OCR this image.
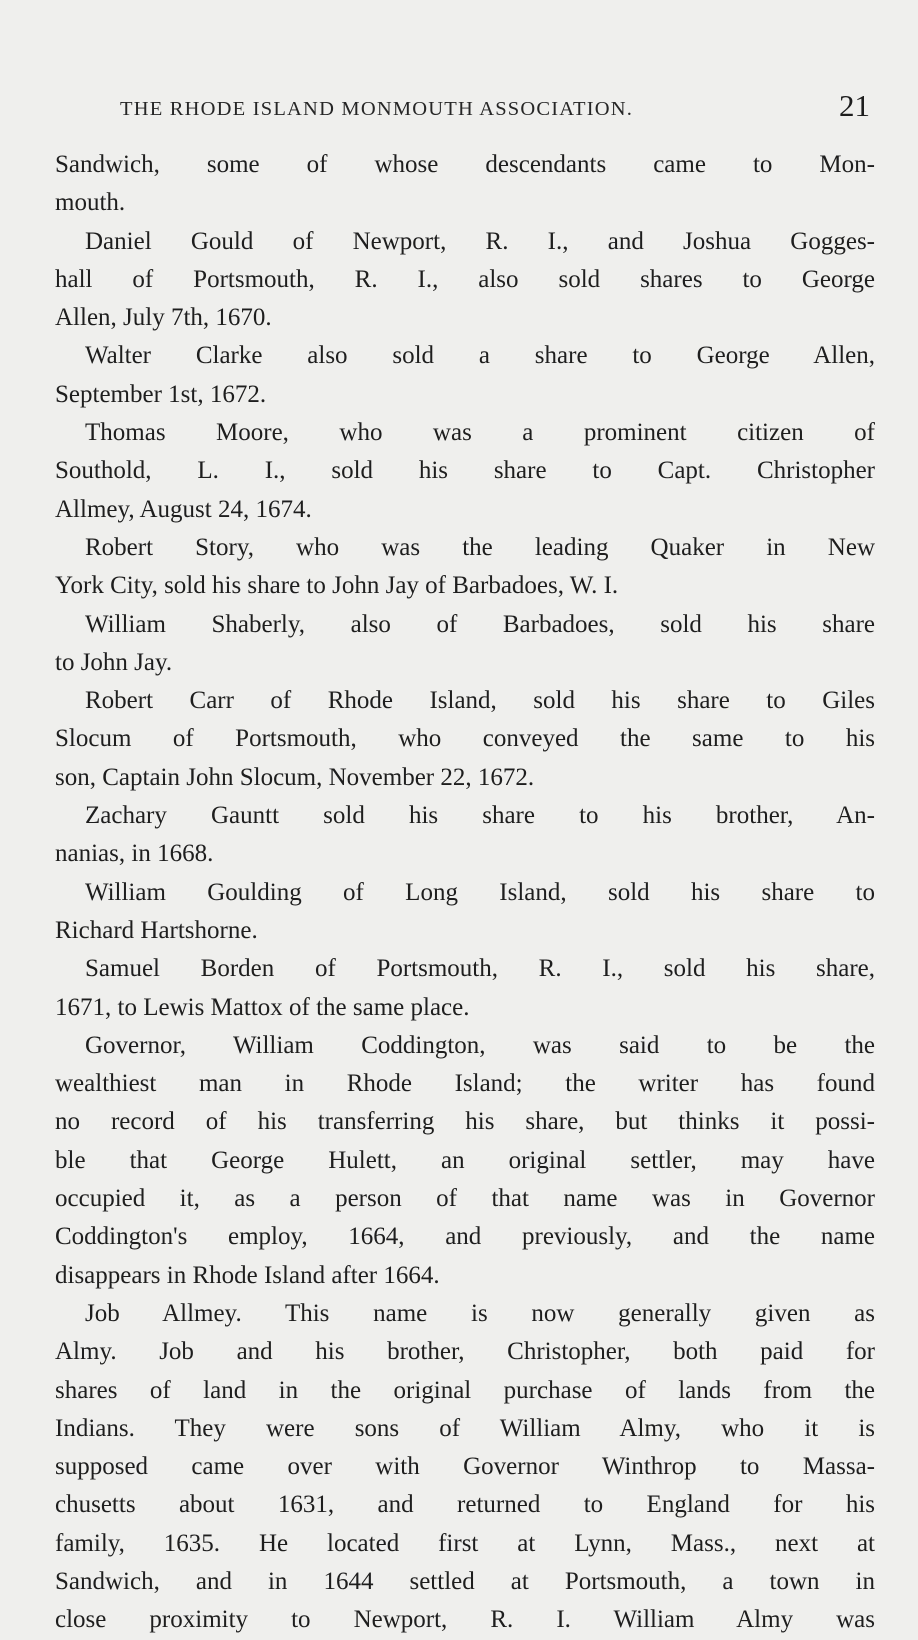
THE RHODE ISLAND MONMOUTH ASSOCIATION.	21
Sandwich, some of whose descendants came to Mon-
mouth.
Daniel Gould of Newport, R. I., and Joshua Gogges-
hall of Portsmouth, R. I., also sold shares to George
Allen, July 7th, 1670.
Walter Clarke also sold a share to George Allen,
September 1st, 1672.
Thomas Moore, who was a prominent citizen of
Southold, L. I., sold his share to Capt. Christopher
Allmey, August 24, 1674.
Robert Story, who was the leading Quaker in New
York City, sold his share to John Jay of Barbadoes, W. I.
William Shaberly, also of Barbadoes, sold his share
to John Jay.
Robert Carr of Rhode Island, sold his share to Giles
Slocum of Portsmouth, who conveyed the same to his
son, Captain John Slocum, November 22, 1672.
Zachary Gauntt sold his share to his brother, An-
nanias, in 1668.
William Goulding of Long Island, sold his share to
Richard Hartshorne.
Samuel Borden of Portsmouth, R. I., sold his share,
1671, to Lewis Mattox of the same place.
Governor, William Coddington, was said to be the
wealthiest man in Rhode Island; the writer has found
no record of his transferring his share, but thinks it possi-
ble that George Hulett, an original settler, may have
occupied it, as a person of that name was in Governor
Coddington's employ, 1664, and previously, and the name
disappears in Rhode Island after 1664.
Job Allmey. This name is now generally given as
Almy. Job and his brother, Christopher, both paid for
shares of land in the original purchase of lands from the
Indians. They were sons of William Almy, who it is
supposed came over with Governor Winthrop to Massa-
chusetts about 1631, and returned to England for his
family, 1635. He located first at Lynn, Mass., next at
Sandwich, and in 1644 settled at Portsmouth, a town in
close proximity to Newport, R. I. William Almy was
